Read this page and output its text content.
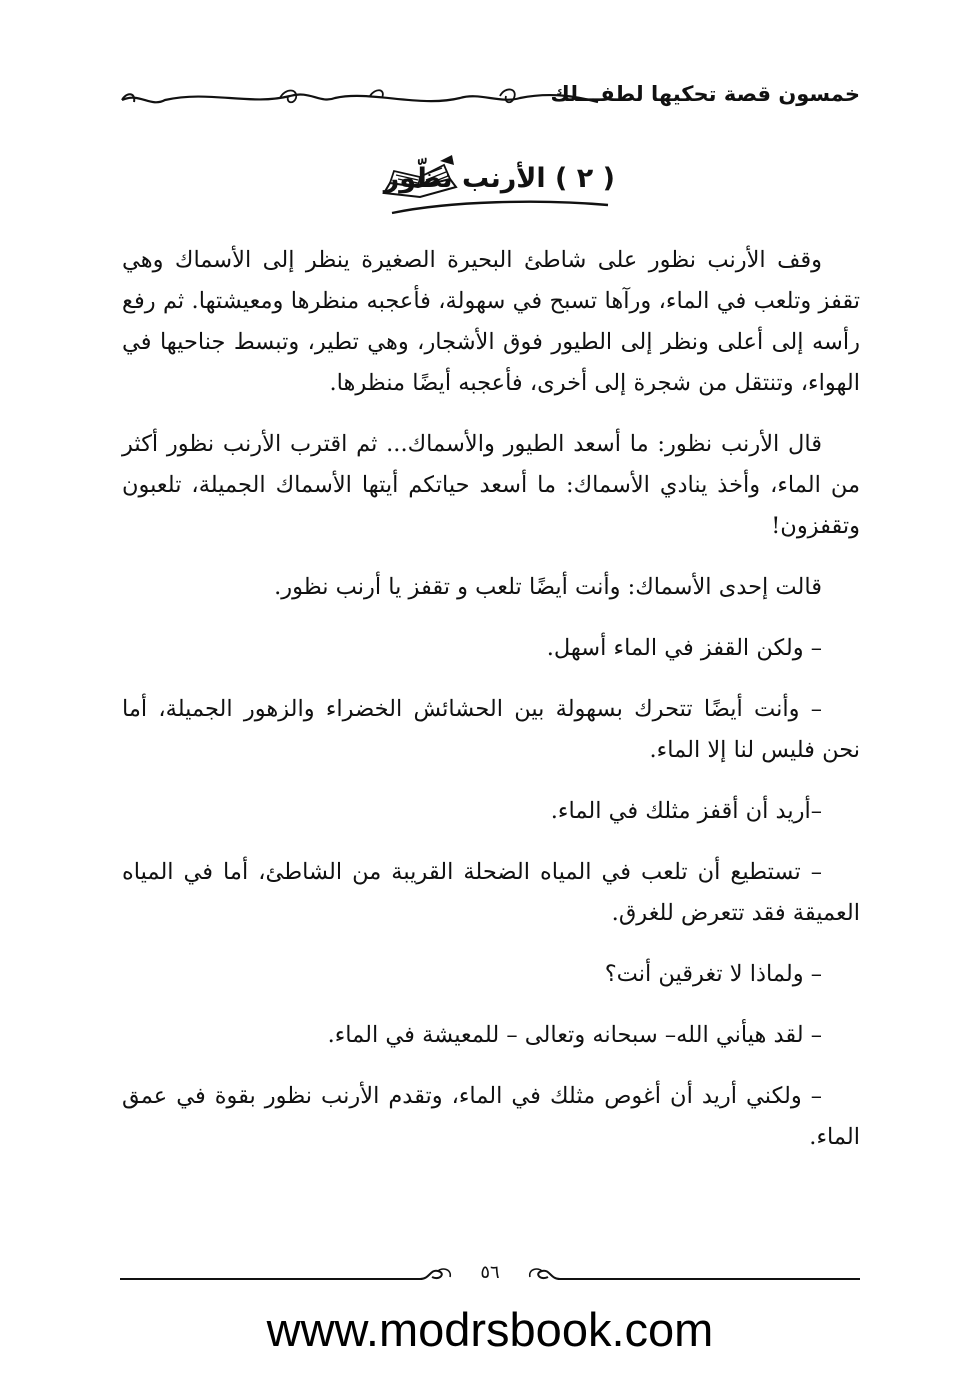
خمسون قصة تحكيها لطفـــلك
( ٢ ) الأرنب نظّور

وقف الأرنب نظور على شاطئ البحيرة الصغيرة ينظر إلى الأسماك وهي تقفز وتلعب في الماء، ورآها تسبح في سهولة، فأعجبه منظرها ومعيشتها. ثم رفع رأسه إلى أعلى ونظر إلى الطيور فوق الأشجار، وهي تطير، وتبسط جناحيها في الهواء، وتنتقل من شجرة إلى أخرى، فأعجبه أيضًا منظرها.

قال الأرنب نظور: ما أسعد الطيور والأسماك... ثم اقترب الأرنب نظور أكثر من الماء، وأخذ ينادي الأسماك: ما أسعد حياتكم أيتها الأسماك الجميلة، تلعبون وتقفزون!

قالت إحدى الأسماك: وأنت أيضًا تلعب و تقفز يا أرنب نظور.

– ولكن القفز في الماء أسهل.

– وأنت أيضًا تتحرك بسهولة بين الحشائش الخضراء والزهور الجميلة، أما نحن فليس لنا إلا الماء.

–أريد أن أقفز مثلك في الماء.

– تستطيع أن تلعب في المياه الضحلة القريبة من الشاطئ، أما في المياه العميقة فقد تتعرض للغرق.

– ولماذا لا تغرقين أنت؟

– لقد هيأني الله– سبحانه وتعالى – للمعيشة في الماء.

– ولكني أريد أن أغوص مثلك في الماء، وتقدم الأرنب نظور بقوة في عمق الماء.

٥٦
www.modrsbook.com
